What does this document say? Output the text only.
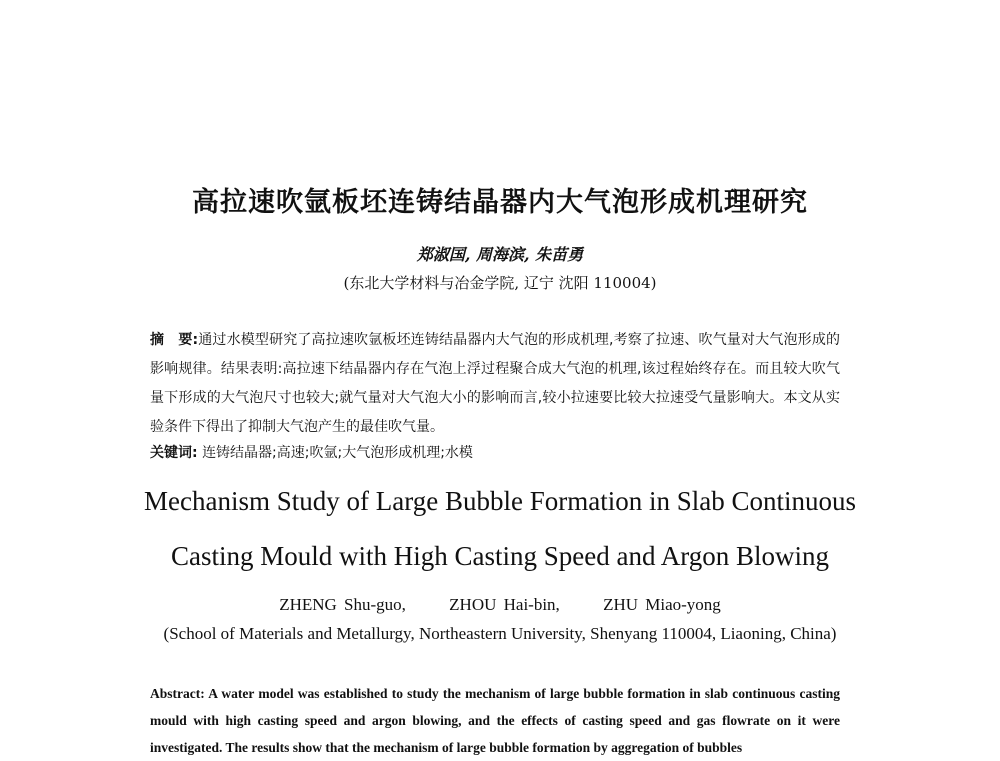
高拉速吹氩板坯连铸结晶器内大气泡形成机理研究
郑淑国, 周海滨, 朱苗勇
(东北大学材料与冶金学院, 辽宁 沈阳 110004)
摘　要:通过水模型研究了高拉速吹氩板坯连铸结晶器内大气泡的形成机理,考察了拉速、吹气量对大气泡形成的影响规律。结果表明:高拉速下结晶器内存在气泡上浮过程聚合成大气泡的机理,该过程始终存在。而且较大吹气量下形成的大气泡尺寸也较大;就气量对大气泡大小的影响而言,较小拉速要比较大拉速受气量影响大。本文从实验条件下得出了抑制大气泡产生的最佳吹气量。
关键词: 连铸结晶器;高速;吹氩;大气泡形成机理;水模
Mechanism Study of Large Bubble Formation in Slab Continuous
Casting Mould with High Casting Speed and Argon Blowing
ZHENG Shu-guo,	ZHOU Hai-bin,	ZHU Miao-yong
(School of Materials and Metallurgy, Northeastern University, Shenyang 110004, Liaoning, China)
Abstract: A water model was established to study the mechanism of large bubble formation in slab continuous casting mould with high casting speed and argon blowing, and the effects of casting speed and gas flowrate on it were investigated. The results show that the mechanism of large bubble formation by aggregation of bubbles
